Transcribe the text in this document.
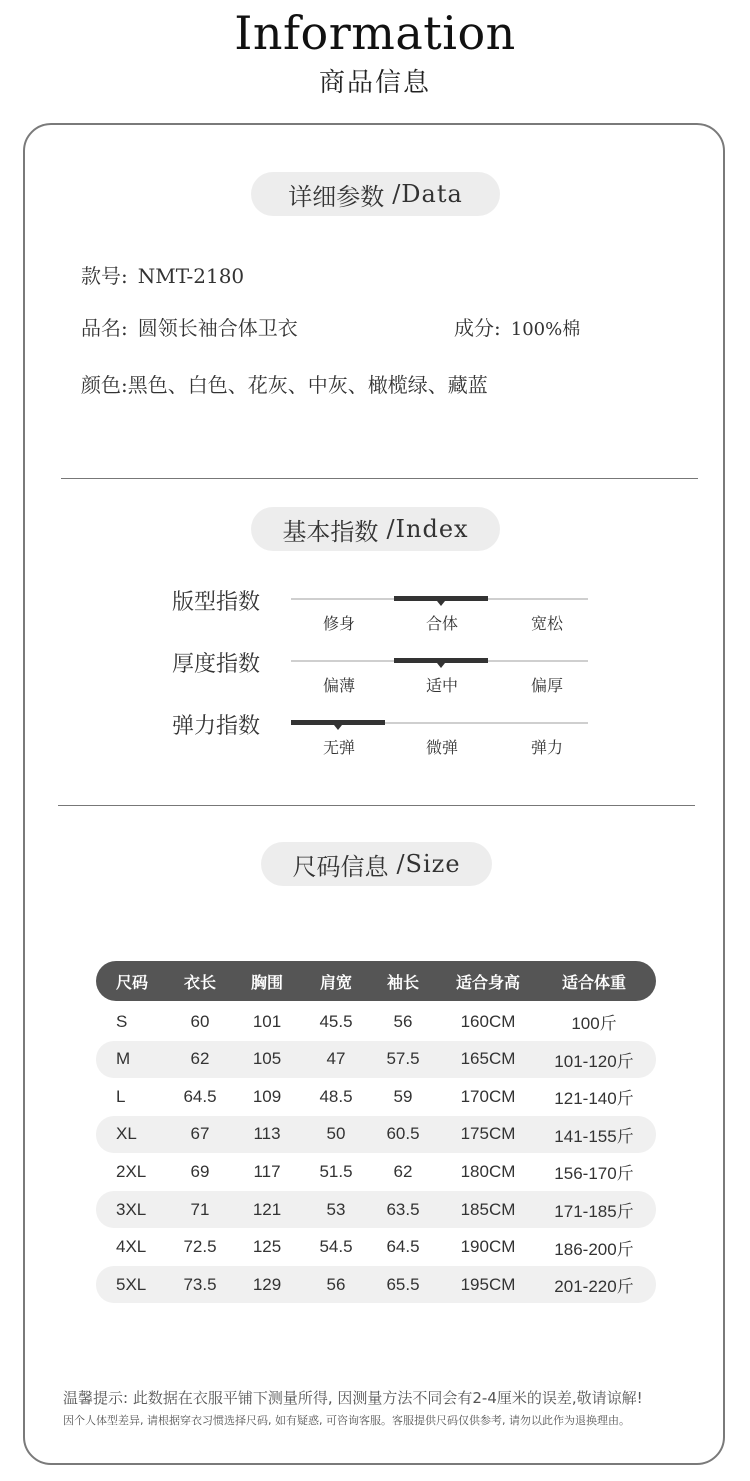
Information
商品信息
详细参数 /Data
款号: NMT-2180
品名: 圆领长袖合体卫衣	成分: 100%棉
颜色:黑色、白色、花灰、中灰、橄榄绿、藏蓝
基本指数 /Index
版型指数
修身	合体	宽松
厚度指数
偏薄	适中	偏厚
弹力指数
无弹	微弹	弹力
尺码信息 /Size
尺码	衣长	胸围	肩宽	袖长	适合身高	适合体重
S	60	101	45.5	56	160CM	100斤
M	62	105	47	57.5	165CM	101-120斤
L	64.5	109	48.5	59	170CM	121-140斤
XL	67	113	50	60.5	175CM	141-155斤
2XL	69	117	51.5	62	180CM	156-170斤
3XL	71	121	53	63.5	185CM	171-185斤
4XL	72.5	125	54.5	64.5	190CM	186-200斤
5XL	73.5	129	56	65.5	195CM	201-220斤
温馨提示: 此数据在衣服平铺下测量所得, 因测量方法不同会有2-4厘米的误差,敬请谅解!
因个人体型差异, 请根据穿衣习惯选择尺码, 如有疑惑, 可咨询客服。客服提供尺码仅供参考, 请勿以此作为退换理由。
